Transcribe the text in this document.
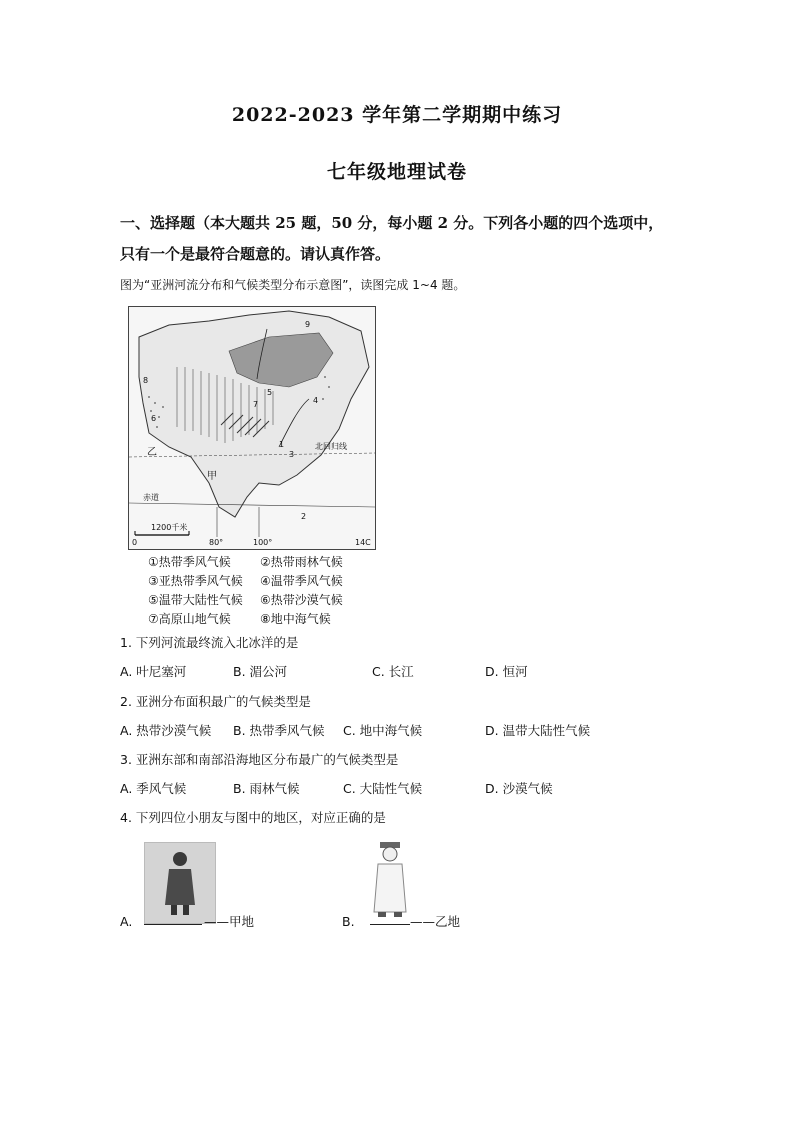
2022-2023 学年第二学期期中练习
七年级地理试卷
一、选择题（本大题共 25 题，50 分，每小题 2 分。下列各小题的四个选项中，
只有一个是最符合题意的。请认真作答。
图为“亚洲河流分布和气候类型分布示意图”，读图完成 1~4 题。
0
1200千米
80°	100°	14C
赤道
北回归线
甲
乙
1
2
3
4
5
6
7
8
9
①热带季风气候	②热带雨林气候
③亚热带季风气候	④温带季风气候
⑤温带大陆性气候	⑥热带沙漠气候
⑦高原山地气候	⑧地中海气候
1. 下列河流最终流入北冰洋的是
A. 叶尼塞河	B. 湄公河	C. 长江	D. 恒河
2. 亚洲分布面积最广的气候类型是
A. 热带沙漠气候 B. 热带季风气候 C. 地中海气候	D. 温带大陆性气候
3. 亚洲东部和南部沿海地区分布最广的气候类型是
A. 季风气候	B. 雨林气候	C. 大陆性气候	D. 沙漠气候
4. 下列四位小朋友与图中的地区，对应正确的是
A.	——甲地	B.	——乙地
